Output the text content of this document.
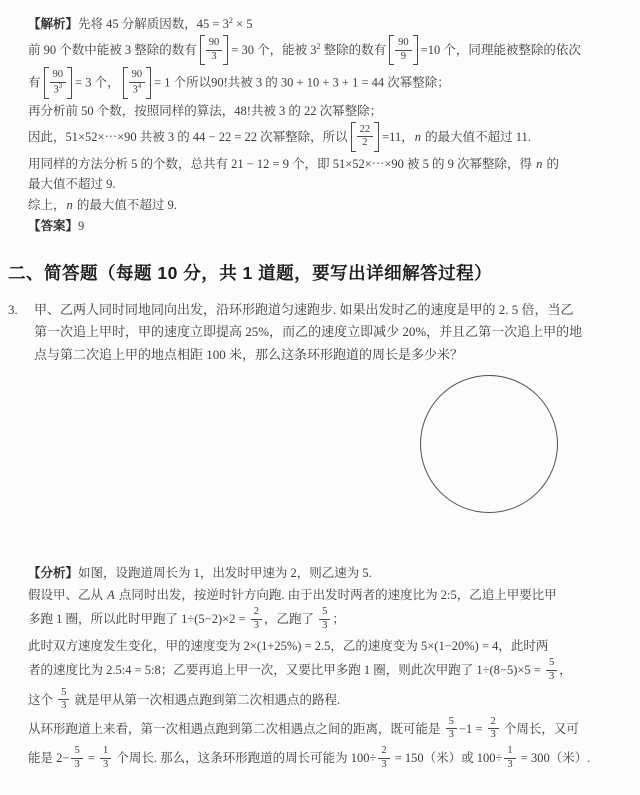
【解析】先将 45 分解质因数，$45 = 3^2 \times 5$
前 90 个数中能被 3 整除的数有 $\frac{90}{3} = 30$ 个，能被 $3^2$ 整除的数有 $\frac{90}{9} =10$ 个，同理能被整除的依次
有 $\frac{90}{3^3} = 3$ 个， $\frac{90}{3^4} = 1$ 个所以90!共被 3 的 30 + 10 + 3 + 1 = 44 次幂整除；
再分析前 50 个数，按照同样的算法，48!共被 3 的 22 次幂整除；
因此，51×52×⋯×90 共被 3 的 44 − 22 = 22 次幂整除，所以 $\frac{22}{2} =11$，n 的最大值不超过 11.
用同样的方法分析 5 的个数，总共有 21 − 12 = 9 个，即 51×52×⋯×90 被 5 的 9 次幂整除，得 n 的
最大值不超过 9.
综上，n 的最大值不超过 9.
【答案】9
二、简答题（每题 10 分，共 1 道题，要写出详细解答过程）
3.	甲、乙两人同时同地同向出发，沿环形跑道匀速跑步. 如果出发时乙的速度是甲的 2. 5 倍，当乙
第一次追上甲时，甲的速度立即提高 25%，而乙的速度立即减少 20%，并且乙第一次追上甲的地
点与第二次追上甲的地点相距 100 米，那么这条环形跑道的周长是多少米？
【分析】如图，设跑道周长为 1，出发时甲速为 2，则乙速为 5.
假设甲、乙从 A 点同时出发，按逆时针方向跑. 由于出发时两者的速度比为 2:5，乙追上甲要比甲
多跑 1 圈，所以此时甲跑了 $1\div(5-2)\times 2 = \frac{2}{3}$ ，乙跑了 $\frac{5}{3}$ ；
此时双方速度发生变化，甲的速度变为 2×(1+25%) = 2.5，乙的速度变为 5×(1−20%) = 4，此时两
者的速度比为 2.5:4 = 5:8；乙要再追上甲一次，又要比甲多跑 1 圈，则此次甲跑了 $1\div(8-5)\times 5 = \frac{5}{3}$ ，
这个 $\frac{5}{3}$ 就是甲从第一次相遇点跑到第二次相遇点的路程.
从环形跑道上来看，第一次相遇点跑到第二次相遇点之间的距离，既可能是 $\frac{5}{3} -1 = \frac{2}{3}$ 个周长，又可
能是 $2- \frac{5}{3} = \frac{1}{3}$ 个周长. 那么，这条环形跑道的周长可能为 $100\div \frac{2}{3} = 150$（米）或 $100\div \frac{1}{3} = 300$（米）.
